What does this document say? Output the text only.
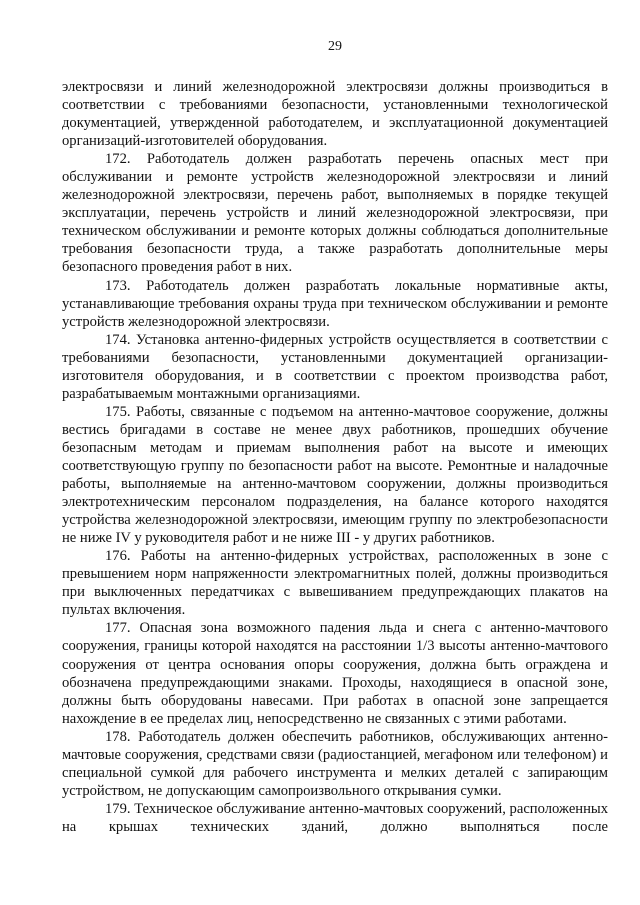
29

электросвязи и линий железнодорожной электросвязи должны производиться в соответствии с требованиями безопасности, установленными технологической документацией, утвержденной работодателем, и эксплуатационной документацией организаций-изготовителей оборудования.

172. Работодатель должен разработать перечень опасных мест при обслуживании и ремонте устройств железнодорожной электросвязи и линий железнодорожной электросвязи, перечень работ, выполняемых в порядке текущей эксплуатации, перечень устройств и линий железнодорожной электросвязи, при техническом обслуживании и ремонте которых должны соблюдаться дополнительные требования безопасности труда, а также разработать дополнительные меры безопасного проведения работ в них.

173. Работодатель должен разработать локальные нормативные акты, устанавливающие требования охраны труда при техническом обслуживании и ремонте устройств железнодорожной электросвязи.

174. Установка антенно-фидерных устройств осуществляется в соответствии с требованиями безопасности, установленными документацией организации-изготовителя оборудования, и в соответствии с проектом производства работ, разрабатываемым монтажными организациями.

175. Работы, связанные с подъемом на антенно-мачтовое сооружение, должны вестись бригадами в составе не менее двух работников, прошедших обучение безопасным методам и приемам выполнения работ на высоте и имеющих соответствующую группу по безопасности работ на высоте. Ремонтные и наладочные работы, выполняемые на антенно-мачтовом сооружении, должны производиться электротехническим персоналом подразделения, на балансе которого находятся устройства железнодорожной электросвязи, имеющим группу по электробезопасности не ниже IV у руководителя работ и не ниже III - у других работников.

176. Работы на антенно-фидерных устройствах, расположенных в зоне с превышением норм напряженности электромагнитных полей, должны производиться при выключенных передатчиках с вывешиванием предупреждающих плакатов на пультах включения.

177. Опасная зона возможного падения льда и снега с антенно-мачтового сооружения, границы которой находятся на расстоянии 1/3 высоты антенно-мачтового сооружения от центра основания опоры сооружения, должна быть ограждена и обозначена предупреждающими знаками. Проходы, находящиеся в опасной зоне, должны быть оборудованы навесами. При работах в опасной зоне запрещается нахождение в ее пределах лиц, непосредственно не связанных с этими работами.

178. Работодатель должен обеспечить работников, обслуживающих антенно-мачтовые сооружения, средствами связи (радиостанцией, мегафоном или телефоном) и специальной сумкой для рабочего инструмента и мелких деталей с запирающим устройством, не допускающим самопроизвольного открывания сумки.

179. Техническое обслуживание антенно-мачтовых сооружений, расположенных на крышах технических зданий, должно выполняться после
